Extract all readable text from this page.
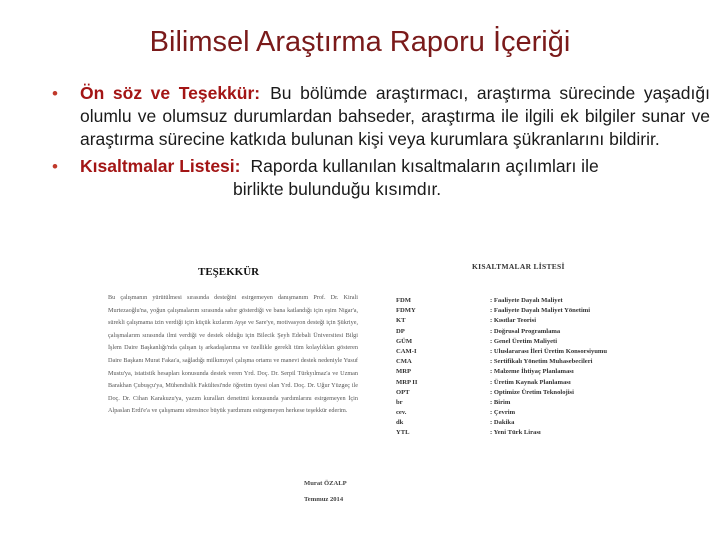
Bilimsel Araştırma Raporu İçeriği
• Ön söz ve Teşekkür: Bu bölümde araştırmacı, araştırma sürecinde yaşadığı olumlu ve olumsuz durumlardan bahseder, araştırma ile ilgili ek bilgiler sunar ve araştırma sürecine katkıda bulunan kişi veya kurumlara şükranlarını bildirir.
• Kısaltmalar Listesi: Raporda kullanılan kısaltmaların açılımları ile
birlikte bulunduğu kısımdır.
TEŞEKKÜR
Bu çalışmanın yürütülmesi sırasında desteğini esirgemeyen danışmanım Prof. Dr. Kirali Murtezaoğlu'na, yoğun çalışmalarım sırasında sabır gösterdiği ve bana katlandığı için eşim Nigar'a, sürekli çalışmama izin verdiği için küçük kızlarım Ayşe ve Sare'ye, motivasyon desteği için Şükriye, çalışmalarım sırasında ilmi verdiği ve destek olduğu için Bilecik Şeyh Edebali Üniversitesi Bilgi İşlem Daire Başkanlığı'nda çalışan iş arkadaşlarıma ve özellikle gerekli tüm kolaylıkları gösteren Daire Başkanı Murat Fakaı'a, sağladığı milkımıyel çalışma ortamı ve manevi destek nedeniyle Yusuf Mustu'ya, istatistik hesapları konusunda destek veren Yrd. Doç. Dr. Serpil Türkyılmaz'a ve Uzman Barakhan Çubuşçu'ya, Mühendislik Fakültesi'nde öğretim üyesi olan Yrd. Doç. Dr. Uğur Yüzgeç ile Doç. Dr. Cihan Karakuzu'ya, yazım kuralları denetimi konusunda yardımlarını esirgemeyen İçin Alpaslan Erdi'e'a ve çalışmamı süresince büyük yardımını esirgemeyen herkese teşekkür ederim.
Murat ÖZALP
Temmuz 2014
KISALTMALAR LİSTESİ
FDM	: Faaliyete Dayalı Maliyet
FDMY	: Faaliyete Dayalı Maliyet Yönetimi
KT	: Kısıtlar Teorisi
DP	: Doğrusal Programlama
GÜM	: Genel Üretim Maliyeti
CAM-I	: Uluslararası İleri Üretim Konsorsiyumu
CMA	: Sertifikalı Yönetim Muhasebecileri
MRP	: Malzeme İhtiyaç Planlaması
MRP II	: Üretim Kaynak Planlaması
OPT	: Optimize Üretim Teknolojisi
br	: Birim
cev.	: Çevrim
dk	: Dakika
YTL	: Yeni Türk Lirası
